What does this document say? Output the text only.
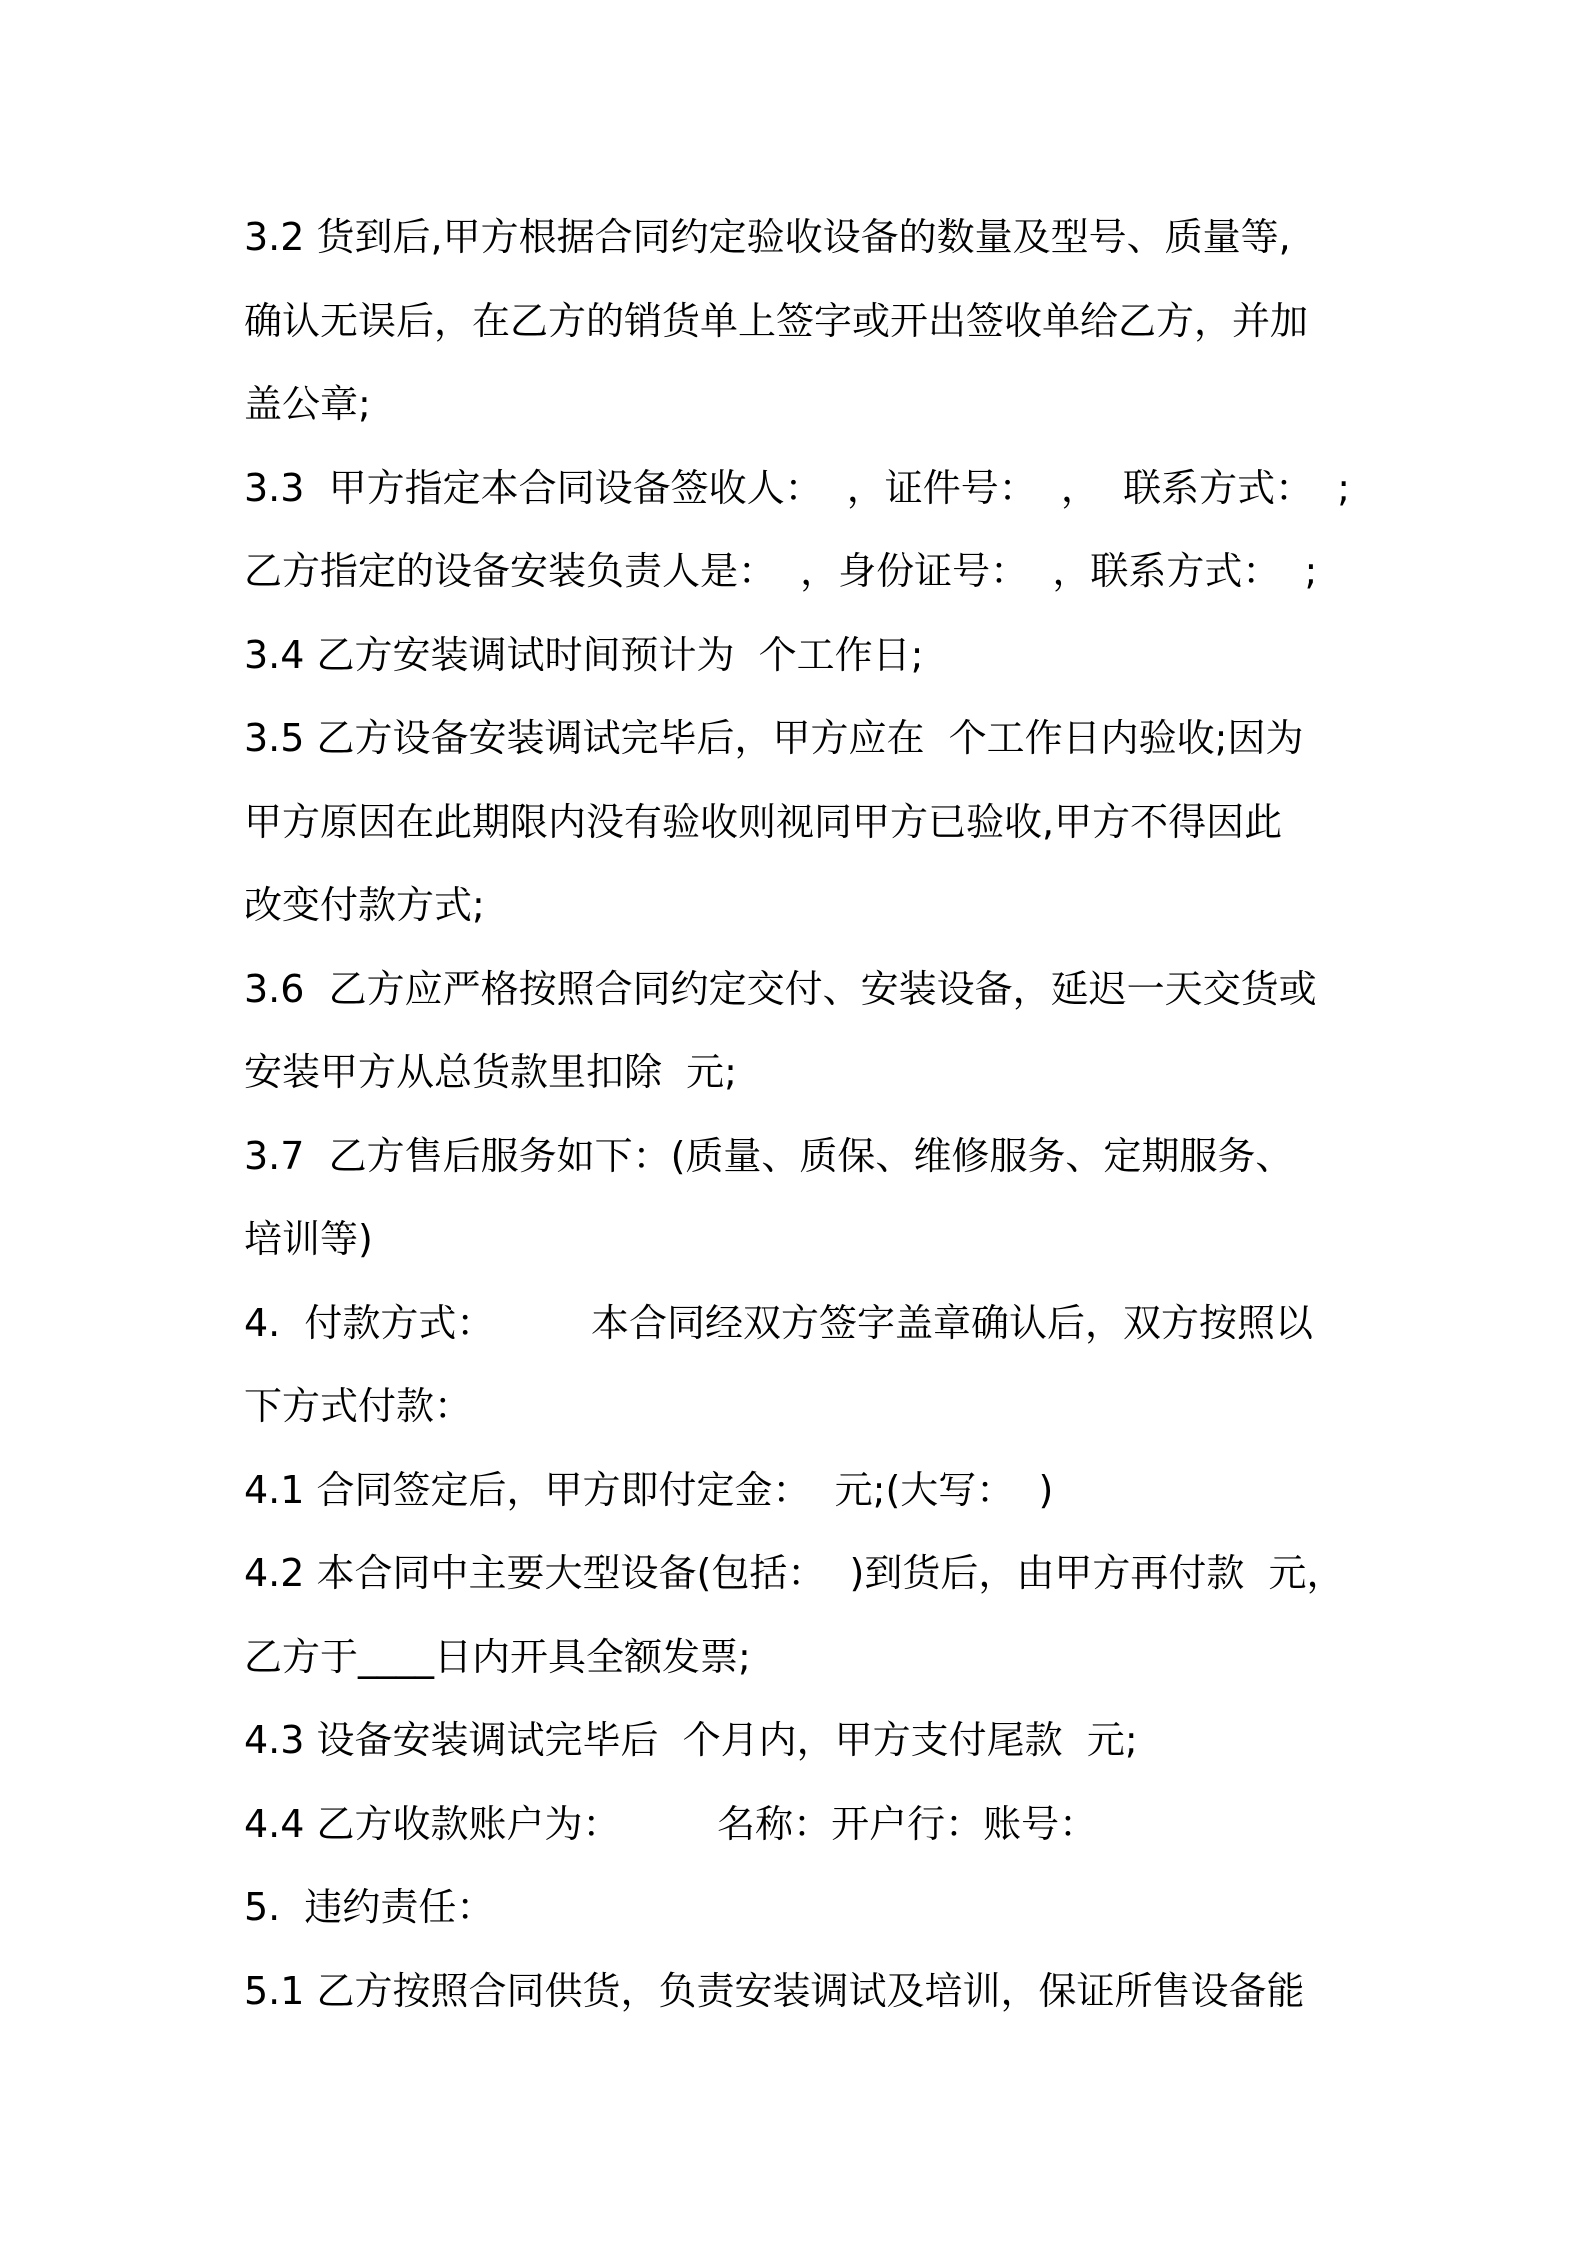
3.2 货到后,甲方根据合同约定验收设备的数量及型号、质量等,
确认无误后，在乙方的销货单上签字或开出签收单给乙方，并加
盖公章;
3.3  甲方指定本合同设备签收人：  ，证件号：  ，  联系方式：  ;
乙方指定的设备安装负责人是：  ，身份证号：  ，联系方式：  ;
3.4 乙方安装调试时间预计为  个工作日;
3.5 乙方设备安装调试完毕后，甲方应在  个工作日内验收;因为
甲方原因在此期限内没有验收则视同甲方已验收,甲方不得因此
改变付款方式;
3.6  乙方应严格按照合同约定交付、安装设备，延迟一天交货或
安装甲方从总货款里扣除  元;
3.7  乙方售后服务如下：(质量、质保、维修服务、定期服务、
培训等)
4.  付款方式：        本合同经双方签字盖章确认后，双方按照以
下方式付款：
4.1 合同签定后，甲方即付定金：  元;(大写：  )
4.2 本合同中主要大型设备(包括：  )到货后，由甲方再付款  元，
乙方于____日内开具全额发票;
4.3 设备安装调试完毕后  个月内，甲方支付尾款  元;
4.4 乙方收款账户为：        名称：开户行：账号：
5.  违约责任：
5.1 乙方按照合同供货，负责安装调试及培训，保证所售设备能
